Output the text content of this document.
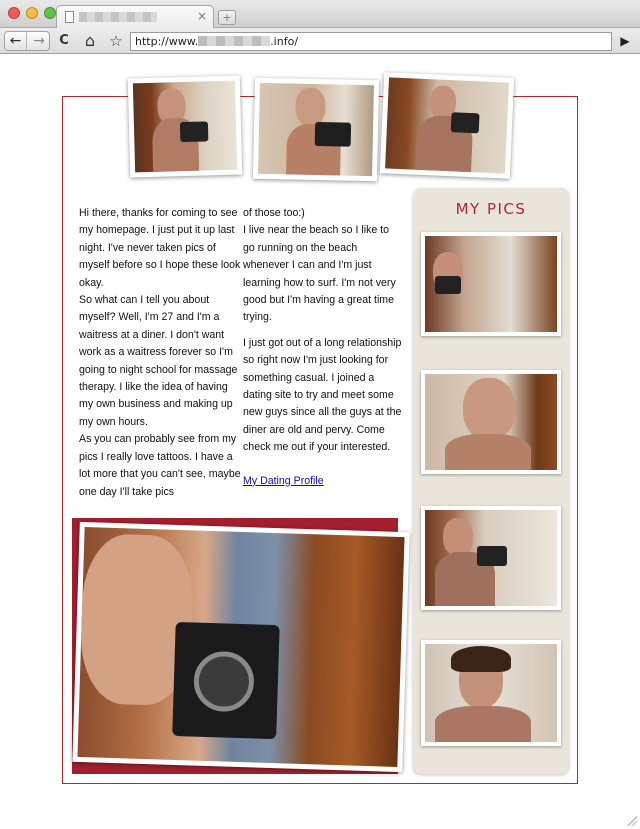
×	+
← →	C	⌂ ☆	http://www.	.info/	▶

Hi there, thanks for coming to see my homepage. I just put it up last night. I've never taken pics of myself before so I hope these look okay.

So what can I tell you about myself? Well, I'm 27 and I'm a waitress at a diner. I don't want work as a waitress forever so I'm going to night school for massage therapy. I like the idea of having my own business and making up my own hours.

As you can probably see from my pics I really love tattoos. I have a lot more that you can't see, maybe one day I'll take pics

of those too:)

I live near the beach so I like to go running on the beach whenever I can and I'm just learning how to surf. I'm not very good but I'm having a great time trying.

I just got out of a long relationship so right now I'm just looking for something casual. I joined a dating site to try and meet some new guys since all the guys at the diner are old and pervy. Come check me out if your interested.

My Dating Profile
MY PICS
